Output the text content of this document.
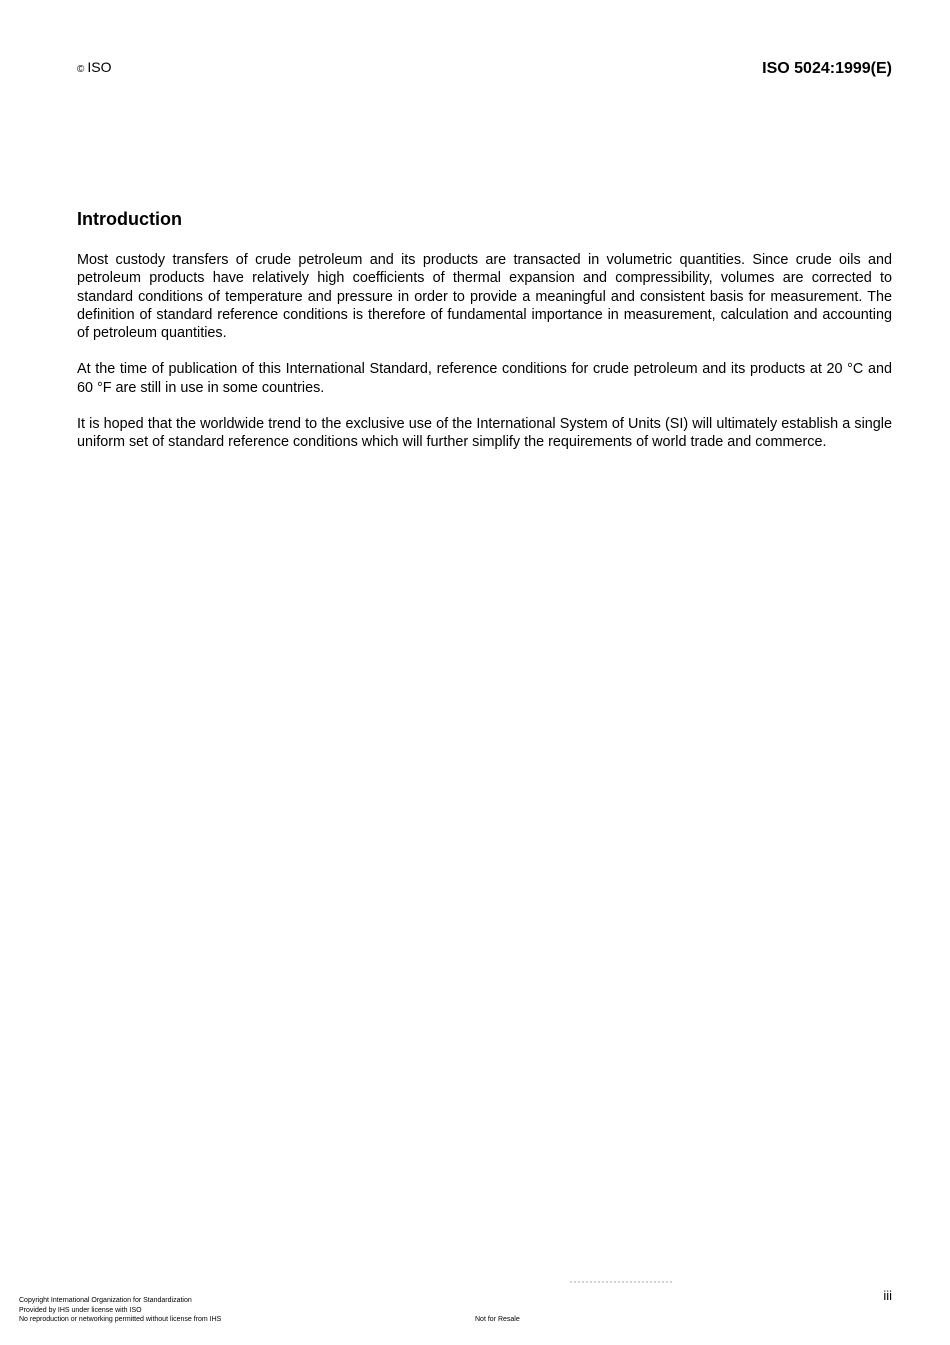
© ISO	ISO 5024:1999(E)
Introduction

Most custody transfers of crude petroleum and its products are transacted in volumetric quantities. Since crude oils and petroleum products have relatively high coefficients of thermal expansion and compressibility, volumes are corrected to standard conditions of temperature and pressure in order to provide a meaningful and consistent basis for measurement. The definition of standard reference conditions is therefore of fundamental importance in measurement, calculation and accounting of petroleum quantities.

At the time of publication of this International Standard, reference conditions for crude petroleum and its products at 20 °C and 60 °F are still in use in some countries.

It is hoped that the worldwide trend to the exclusive use of the International System of Units (SI) will ultimately establish a single uniform set of standard reference conditions which will further simplify the requirements of world trade and commerce.

iii
Copyright International Organization for Standardization
Provided by IHS under license with ISO
No reproduction or networking permitted without license from IHS	Not for Resale
